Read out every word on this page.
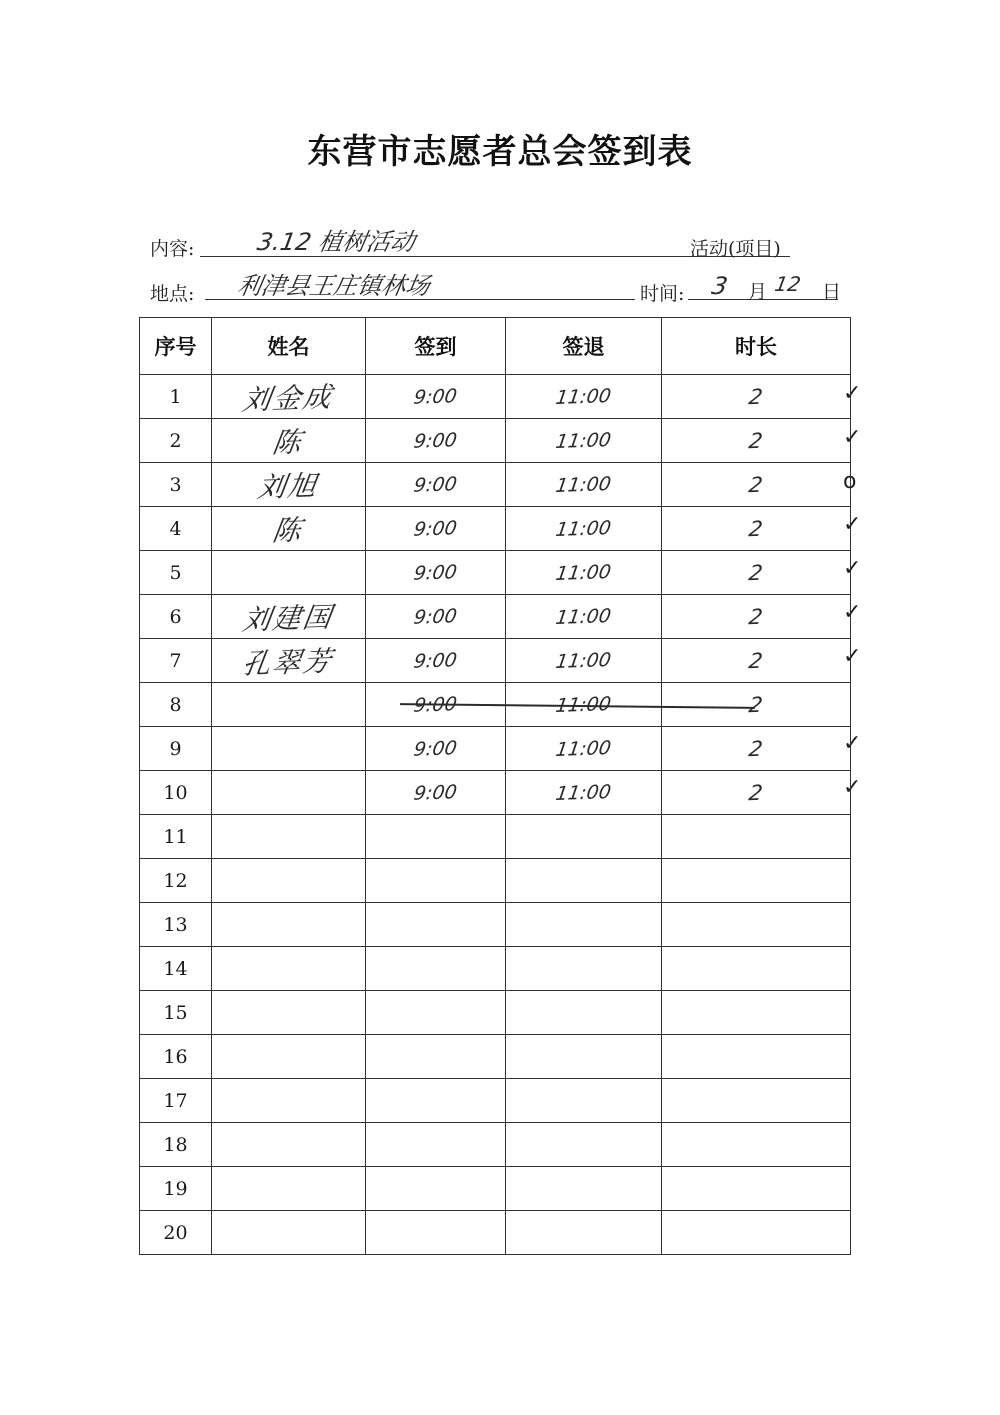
东营市志愿者总会签到表
内容:	3.12 植树活动	活动(项目)
地点: 利津县王庄镇林场	时间: 3 月 12 日
序号	姓名	签到	签退	时长
1	刘金成	9:00	11:00	2
2	陈	9:00	11:00	2
3	刘旭	9:00	11:00	2
4	陈	9:00	11:00	2
5		9:00	11:00	2
6	刘建国	9:00	11:00	2
7	孔翠芳	9:00	11:00	2
8		9:00	11:00	2
9		9:00	11:00	2
10		9:00	11:00	2
11				
12				
13				
14				
15				
16				
17				
18				
19				
20				
✓
✓
o
✓
✓
✓
✓
✓
✓
